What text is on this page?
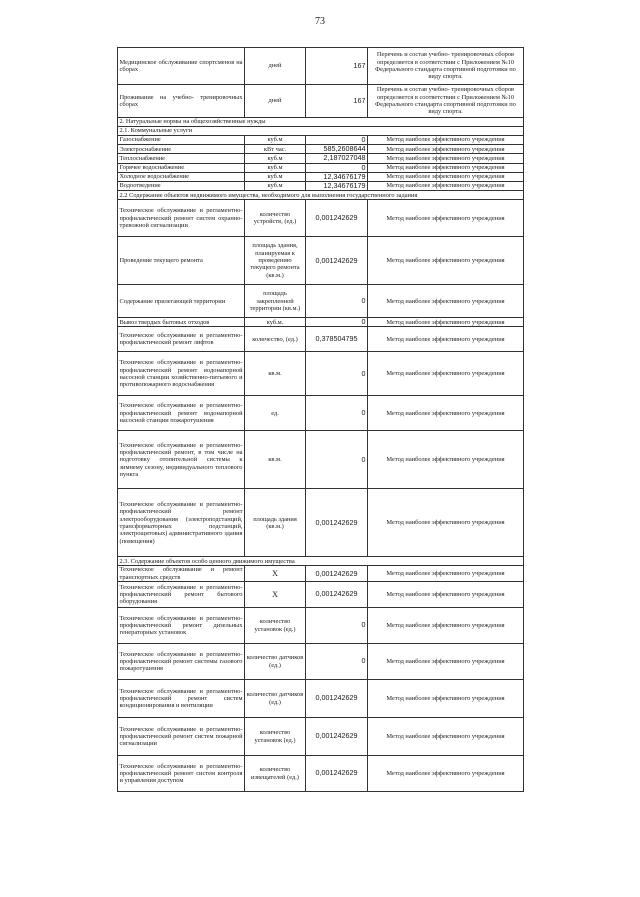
73
Медицинское обслуживание спортсменов на сборах	дней	167	Перечень и состав учебно- тренировочных сборов определяется в соответствии с Приложением №10 Федерального стандарта спортивной подготовки по виду спорта.
Проживание на учебно- тренировочных сборах	дней	167	Перечень и состав учебно- тренировочных сборов определяется в соответствии с Приложением №10 Федерального стандарта спортивной подготовки по виду спорта.
2. Натуральные нормы на общехозяйственные нужды			
2.1. Коммунальные услуги			
Газоснабжение	куб.м	0	Метод наиболее эффективного учреждения
Электроснабжение	кВт час.	585,2608644	Метод наиболее эффективного учреждения
Теплоснабжение	куб.м	2,187027048	Метод наиболее эффективного учреждения
Горячее водоснабжение	куб.м	0	Метод наиболее эффективного учреждения
Холодное водоснабжение	куб.м	12,34676179	Метод наиболее эффективного учреждения
Водоотведение	куб.м	12,34676179	Метод наиболее эффективного учреждения
2.2 Содержание объектов недвижимого имущества, необходимого для выполнения государственного задания			
Техническое обслуживание и регламентно- профилактический ремонт систем охранно- тревожной сигнализации	количество устройств, (ед.)	0,001242629	Метод наиболее эффективного учреждения
Проведение текущего ремонта	площадь здания, планируемая к проведению текущего ремонта (кв.м.)	0,001242629	Метод наиболее эффективного учреждения
Содержание прилегающей территории	площадь закрепленной территории (кв.м.)	0	Метод наиболее эффективного учреждения
Вывоз твердых бытовых отходов	куб.м.	0	Метод наиболее эффективного учреждения
Техническое обслуживание и регламентно- профилактический ремонт лифтов	количество, (ед.)	0,378504795	Метод наиболее эффективного учреждения
Техническое обслуживание и регламентно- профилактический ремонт водонапорной насосной станции хозяйственно-питьевого и противопожарного водоснабжения	кв.м.	0	Метод наиболее эффективного учреждения
Техническое обслуживание и регламентно- профилактический ремонт водонапорной насосной станции пожаротушения	ед.	0	Метод наиболее эффективного учреждения
Техническое обслуживание и регламентно- профилактический ремонт, в том числе на подготовку отопительной системы к зимнему сезону, индивидуального теплового пункта	кв.м.	0	Метод наиболее эффективного учреждения
Техническое обслуживание и регламентно- профилактический ремонт электрооборудования (электроподстанций, трансформаторных подстанций, электрощитовых) административного здания (помещения)	площадь здания (кв.м.)	0,001242629	Метод наиболее эффективного учреждения
2.3. Содержание объектов особо ценного движимого имущества			
Техническое обслуживание и ремонт транспортных средств	X	0,001242629	Метод наиболее эффективного учреждения
Техническое обслуживание и регламентно- профилактический ремонт бытового оборудования	X	0,001242629	Метод наиболее эффективного учреждения
Техническое обслуживание и регламентно- профилактический ремонт дизельных генераторных установок	количество установок (ед.)	0	Метод наиболее эффективного учреждения
Техническое обслуживание и регламентно- профилактический ремонт системы газового пожаротушения	количество датчиков (ед.)	0	Метод наиболее эффективного учреждения
Техническое обслуживание и регламентно- профилактический ремонт систем кондиционирования и вентиляции	количество датчиков (ед.)	0,001242629	Метод наиболее эффективного учреждения
Техническое обслуживание и регламентно- профилактический ремонт систем пожарной сигнализации	количество установок (ед.)	0,001242629	Метод наиболее эффективного учреждения
Техническое обслуживание и регламентно- профилактический ремонт систем контроля и управления доступом	количество извещателей (ед.)	0,001242629	Метод наиболее эффективного учреждения
